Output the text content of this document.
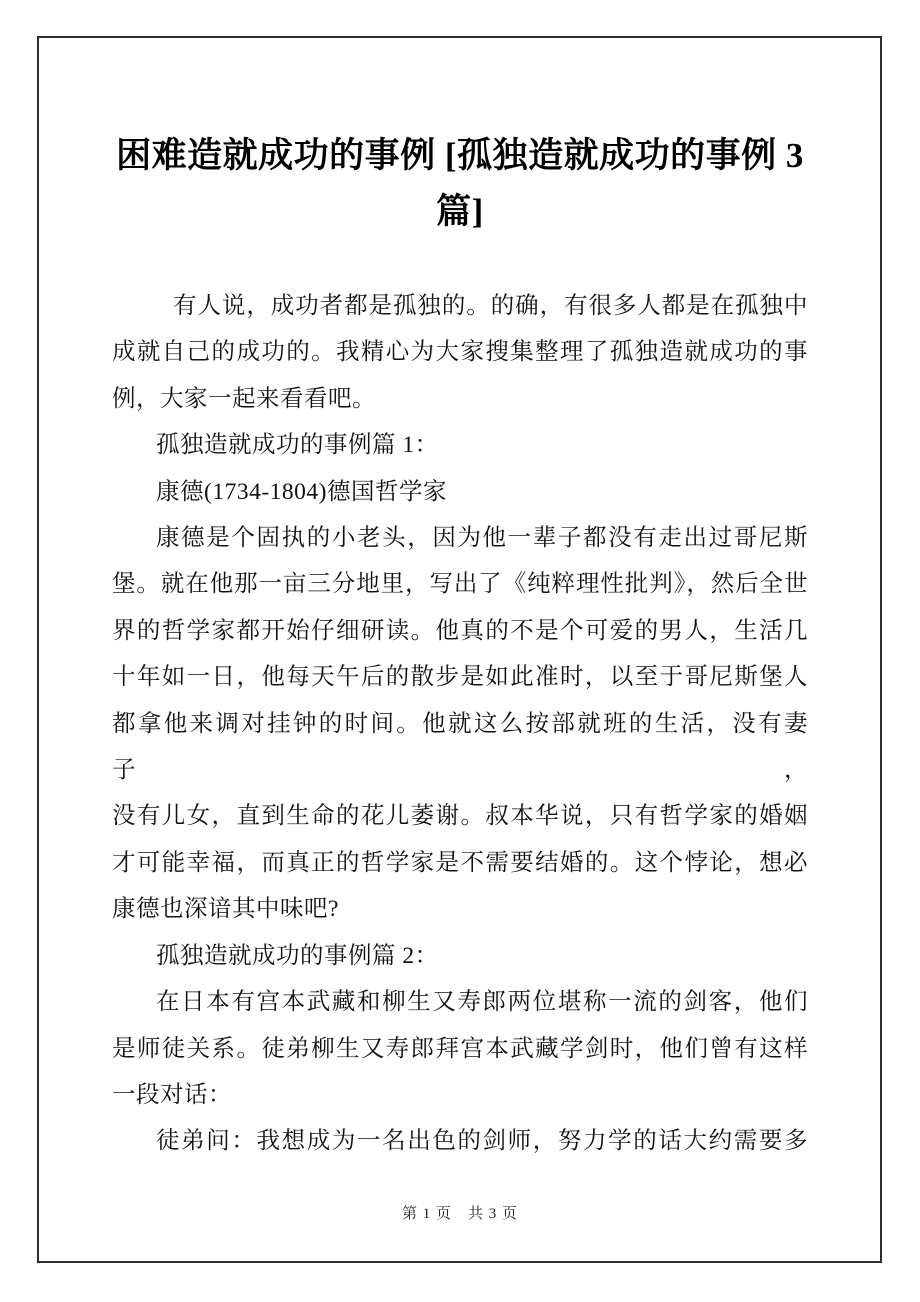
困难造就成功的事例 [孤独造就成功的事例 3
篇]
有人说，成功者都是孤独的。的确，有很多人都是在孤独中
成就自己的成功的。我精心为大家搜集整理了孤独造就成功的事
例，大家一起来看看吧。
孤独造就成功的事例篇 1：
康德(1734-1804)德国哲学家
康德是个固执的小老头，因为他一辈子都没有走出过哥尼斯
堡。就在他那一亩三分地里，写出了《纯粹理性批判》，然后全世
界的哲学家都开始仔细研读。他真的不是个可爱的男人，生活几
十年如一日，他每天午后的散步是如此准时，以至于哥尼斯堡人
都拿他来调对挂钟的时间。他就这么按部就班的生活，没有妻 子，
没有儿女，直到生命的花儿萎谢。叔本华说，只有哲学家的婚姻
才可能幸福，而真正的哲学家是不需要结婚的。这个悖论，想必
康德也深谙其中味吧?
孤独造就成功的事例篇 2：
在日本有宫本武藏和柳生又寿郎两位堪称一流的剑客，他们
是师徒关系。徒弟柳生又寿郎拜宫本武藏学剑时，他们曾有这样
一段对话：
徒弟问：我想成为一名出色的剑师，努力学的话大约需要多
第 1 页　共 3 页
